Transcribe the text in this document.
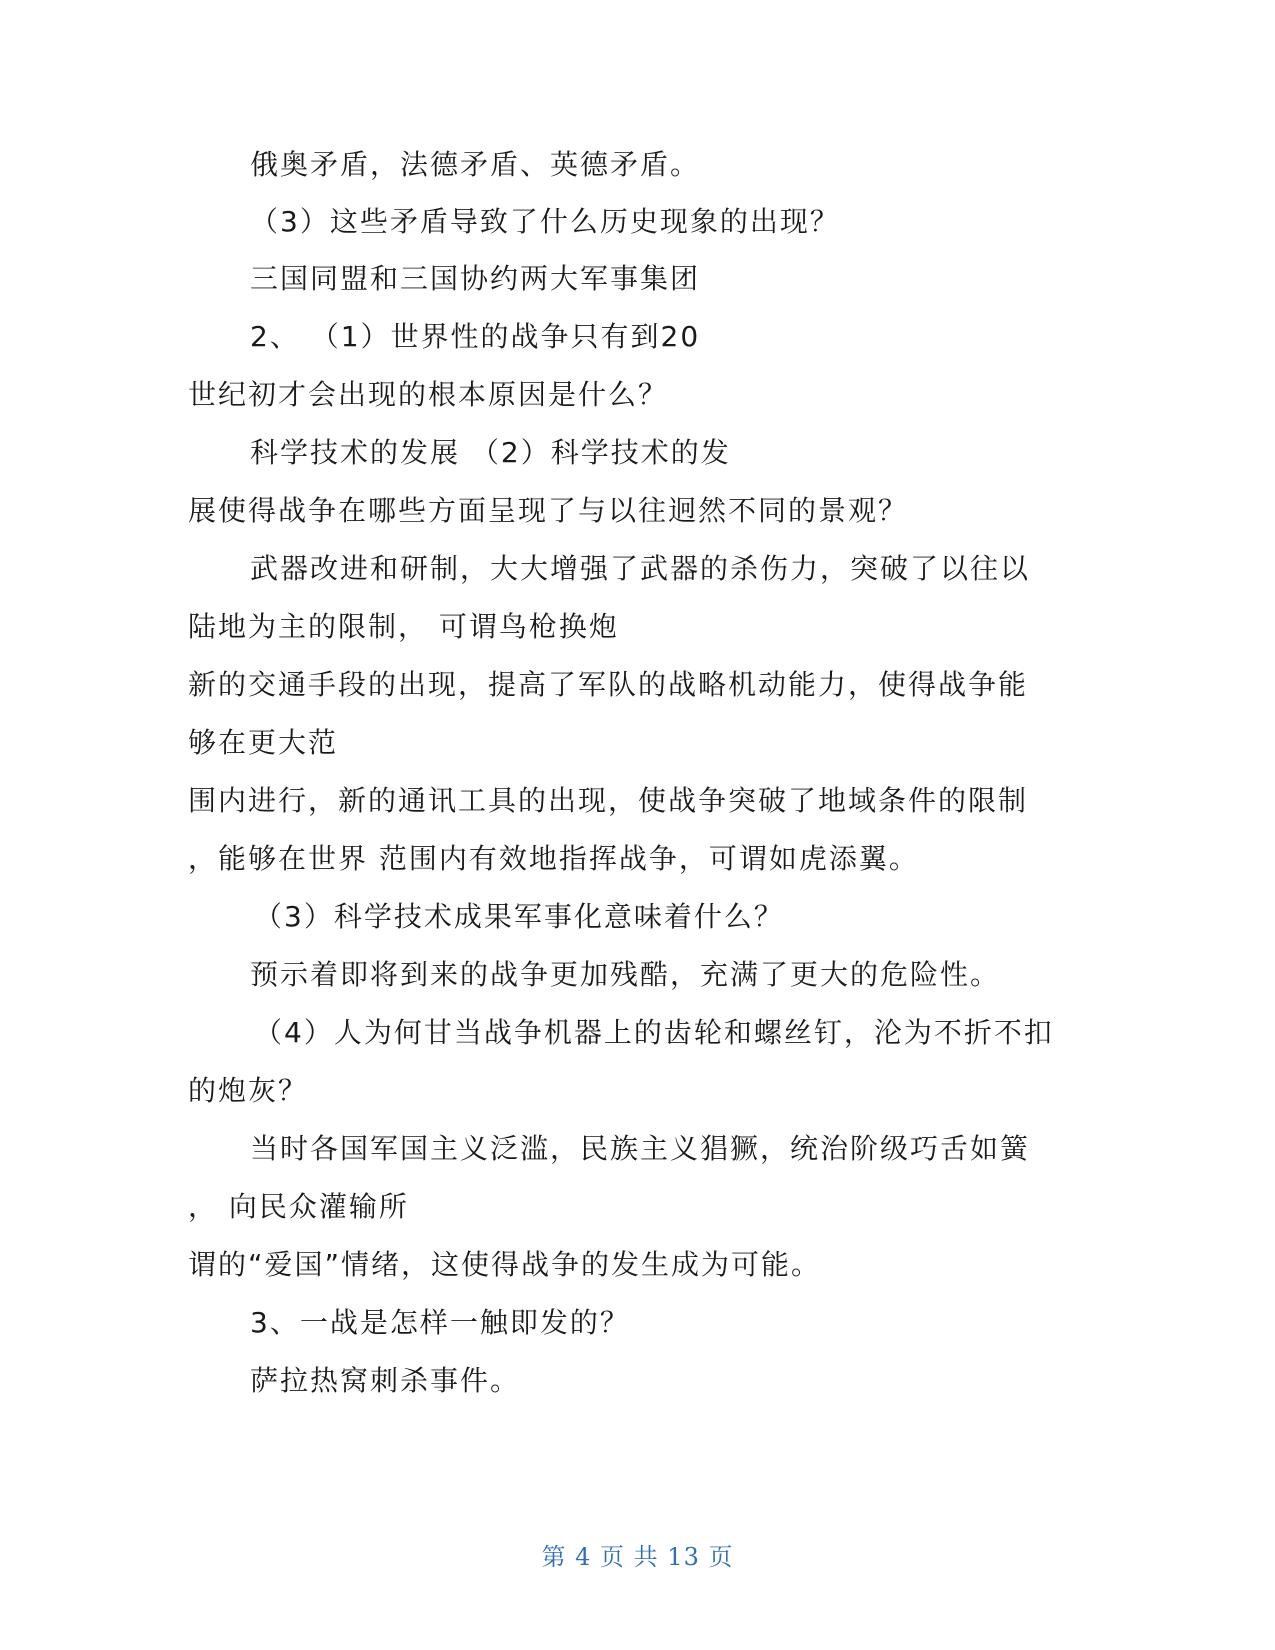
俄奥矛盾，法德矛盾、英德矛盾。

（3）这些矛盾导致了什么历史现象的出现？

三国同盟和三国协约两大军事集团

2、 （1）世界性的战争只有到20

世纪初才会出现的根本原因是什么？

科学技术的发展 （2）科学技术的发

展使得战争在哪些方面呈现了与以往迥然不同的景观？

武器改进和研制，大大增强了武器的杀伤力，突破了以往以

陆地为主的限制， 可谓鸟枪换炮

新的交通手段的出现，提高了军队的战略机动能力，使得战争能

够在更大范

围内进行，新的通讯工具的出现，使战争突破了地域条件的限制

，能够在世界 范围内有效地指挥战争，可谓如虎添翼。

（3）科学技术成果军事化意味着什么？

预示着即将到来的战争更加残酷，充满了更大的危险性。

（4）人为何甘当战争机器上的齿轮和螺丝钉，沦为不折不扣

的炮灰？

当时各国军国主义泛滥，民族主义猖獗，统治阶级巧舌如簧

， 向民众灌输所

谓的“爱国”情绪，这使得战争的发生成为可能。

3、一战是怎样一触即发的？

萨拉热窝刺杀事件。

第 4 页 共 13 页
